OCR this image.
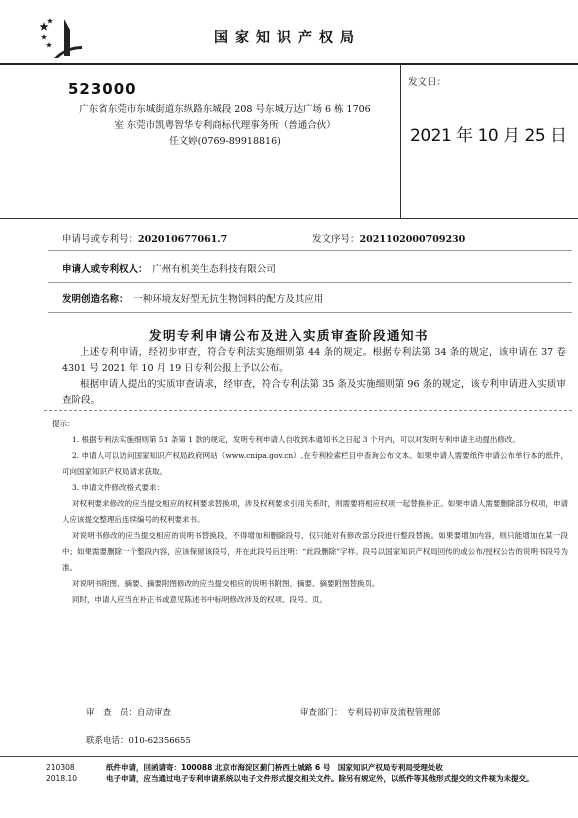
国家知识产权局
523000
广东省东莞市东城街道东纵路东城段 208 号东城万达广场 6 栋 1706
室 东莞市凯粤智华专利商标代理事务所（普通合伙）
任文婷(0769-89918816)
发文日：
2021 年 10 月 25 日
申请号或专利号：202010677061.7	发文序号：2021102000709230
申请人或专利权人：　 广州有机美生态科技有限公司
发明创造名称：　 一种环境友好型无抗生物饲料的配方及其应用
发明专利申请公布及进入实质审查阶段通知书
上述专利申请，经初步审查，符合专利法实施细则第 44 条的规定。根据专利法第 34 条的规定，该申请在 37 卷 4301 号 2021 年 10 月 19 日专利公报上予以公布。
根据申请人提出的实质审查请求，经审查，符合专利法第 35 条及实施细则第 96 条的规定，该专利申请进入实质审查阶段。

提示：

1. 根据专利法实施细则第 51 条第 1 款的规定，发明专利申请人自收到本通知书之日起 3 个月内，可以对发明专利申请主动提出修改。

2. 申请人可以访问国家知识产权局政府网站（www.cnipa.gov.cn）,在专利检索栏目中查询公布文本。如果申请人需要纸件申请公布单行本的纸件，可向国家知识产权局请求获取。

3. 申请文件修改格式要求：

对权利要求修改的应当提交相应的权利要求替换项，涉及权利要求引用关系时，则需要将相应权项一起替换补正。如果申请人需要删除部分权项，申请人应该提交整理后连续编号的权利要求书。

对说明书修改的应当提交相应的说明书替换段，不得增加和删除段号，仅只能对有修改部分段进行整段替换。如果要增加内容，则只能增加在某一段中；如果需要删除一个整段内容，应该保留该段号，并在此段号后注明：“此段删除”字样。段号以国家知识产权局回传的或公布/授权公告的说明书段号为准。

对说明书附图、摘要、摘要附图修改的应当提交相应的说明书附图、摘要、摘要附图替换页。

同时，申请人应当在补正书或意见陈述书中标明修改涉及的权项、段号、页。

审　查　员：自动审查	审查部门：　 专利局初审及流程管理部
联系电话：010-62356655
210308
2018.10
纸件申请，回函请寄：100088 北京市海淀区蓟门桥西土城路 6 号　国家知识产权局专利局受理处收
电子申请，应当通过电子专利申请系统以电子文件形式提交相关文件。除另有规定外，以纸件等其他形式提交的文件视为未提交。
